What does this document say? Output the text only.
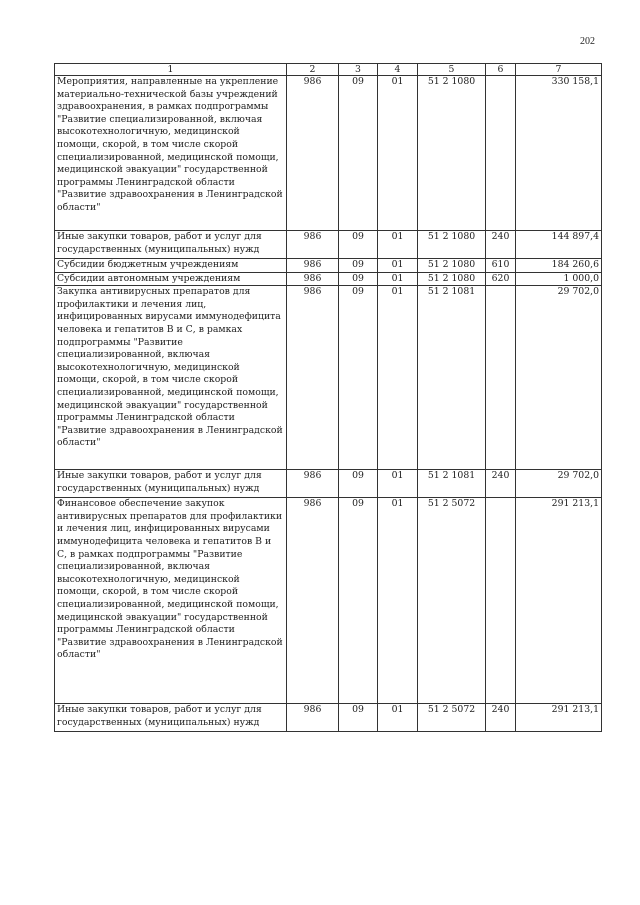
202
1	2	3	4	5	6	7
Мероприятия, направленные на укрепление материально-технической базы учреждений здравоохранения, в рамках подпрограммы "Развитие специализированной, включая высокотехнологичную, медицинской помощи, скорой, в том числе скорой специализированной, медицинской помощи, медицинской эвакуации" государственной программы Ленинградской области "Развитие здравоохранения в Ленинградской области"	986	09	01	51 2 1080		330 158,1
Иные закупки товаров, работ и услуг для государственных (муниципальных) нужд	986	09	01	51 2 1080	240	144 897,4
Субсидии бюджетным учреждениям	986	09	01	51 2 1080	610	184 260,6
Субсидии автономным учреждениям	986	09	01	51 2 1080	620	1 000,0
Закупка антивирусных препаратов для профилактики и лечения лиц, инфицированных вирусами иммунодефицита человека и гепатитов В и С, в рамках подпрограммы "Развитие специализированной, включая высокотехнологичную, медицинской помощи, скорой, в том числе скорой специализированной, медицинской помощи, медицинской эвакуации" государственной программы Ленинградской области "Развитие здравоохранения в Ленинградской области"	986	09	01	51 2 1081		29 702,0
Иные закупки товаров, работ и услуг для государственных (муниципальных) нужд	986	09	01	51 2 1081	240	29 702,0
Финансовое обеспечение закупок антивирусных препаратов для профилактики и лечения лиц, инфицированных вирусами иммунодефицита человека и гепатитов В и С, в рамках подпрограммы "Развитие специализированной, включая высокотехнологичную, медицинской помощи, скорой, в том числе скорой специализированной, медицинской помощи, медицинской эвакуации" государственной программы Ленинградской области "Развитие здравоохранения в Ленинградской области"	986	09	01	51 2 5072		291 213,1
Иные закупки товаров, работ и услуг для государственных (муниципальных) нужд	986	09	01	51 2 5072	240	291 213,1
